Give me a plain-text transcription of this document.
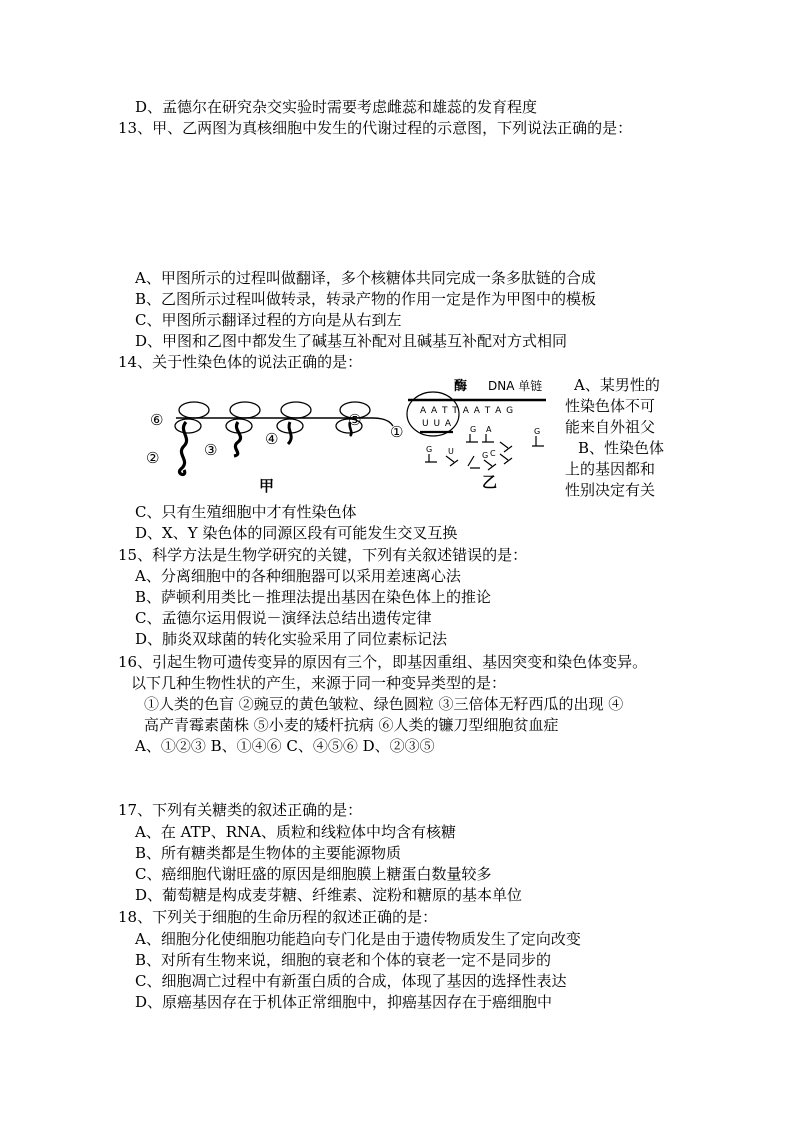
D、孟德尔在研究杂交实验时需要考虑雌蕊和雄蕊的发育程度
13、甲、乙两图为真核细胞中发生的代谢过程的示意图，下列说法正确的是：
A、甲图所示的过程叫做翻译，多个核糖体共同完成一条多肽链的合成
B、乙图所示过程叫做转录，转录产物的作用一定是作为甲图中的模板
C、甲图所示翻译过程的方向是从右到左
D、甲图和乙图中都发生了碱基互补配对且碱基互补配对方式相同
14、关于性染色体的说法正确的是：
A、某男性的
性染色体不可
能来自外祖父
B、性染色体
上的基因都和
性别决定有关
⑥
②	③
④
⑤
①
甲
酶 DNA 单链
A A T T A A T A G
U U A
G A	G
G U	G C
乙
C、只有生殖细胞中才有性染色体
D、X、Y 染色体的同源区段有可能发生交叉互换
15、科学方法是生物学研究的关键，下列有关叙述错误的是：
A、分离细胞中的各种细胞器可以采用差速离心法
B、萨顿利用类比－推理法提出基因在染色体上的推论
C、孟德尔运用假说－演绎法总结出遗传定律
D、肺炎双球菌的转化实验采用了同位素标记法
16、引起生物可遗传变异的原因有三个，即基因重组、基因突变和染色体变异。
以下几种生物性状的产生，来源于同一种变异类型的是：
①人类的色盲 ②豌豆的黄色皱粒、绿色圆粒 ③三倍体无籽西瓜的出现 ④
高产青霉素菌株 ⑤小麦的矮杆抗病 ⑥人类的镰刀型细胞贫血症
A、①②③ B、①④⑥ C、④⑤⑥ D、②③⑤
17、下列有关糖类的叙述正确的是：
A、在 ATP、RNA、质粒和线粒体中均含有核糖
B、所有糖类都是生物体的主要能源物质
C、癌细胞代谢旺盛的原因是细胞膜上糖蛋白数量较多
D、葡萄糖是构成麦芽糖、纤维素、淀粉和糖原的基本单位
18、下列关于细胞的生命历程的叙述正确的是：
A、细胞分化使细胞功能趋向专门化是由于遗传物质发生了定向改变
B、对所有生物来说，细胞的衰老和个体的衰老一定不是同步的
C、细胞凋亡过程中有新蛋白质的合成，体现了基因的选择性表达
D、原癌基因存在于机体正常细胞中，抑癌基因存在于癌细胞中
